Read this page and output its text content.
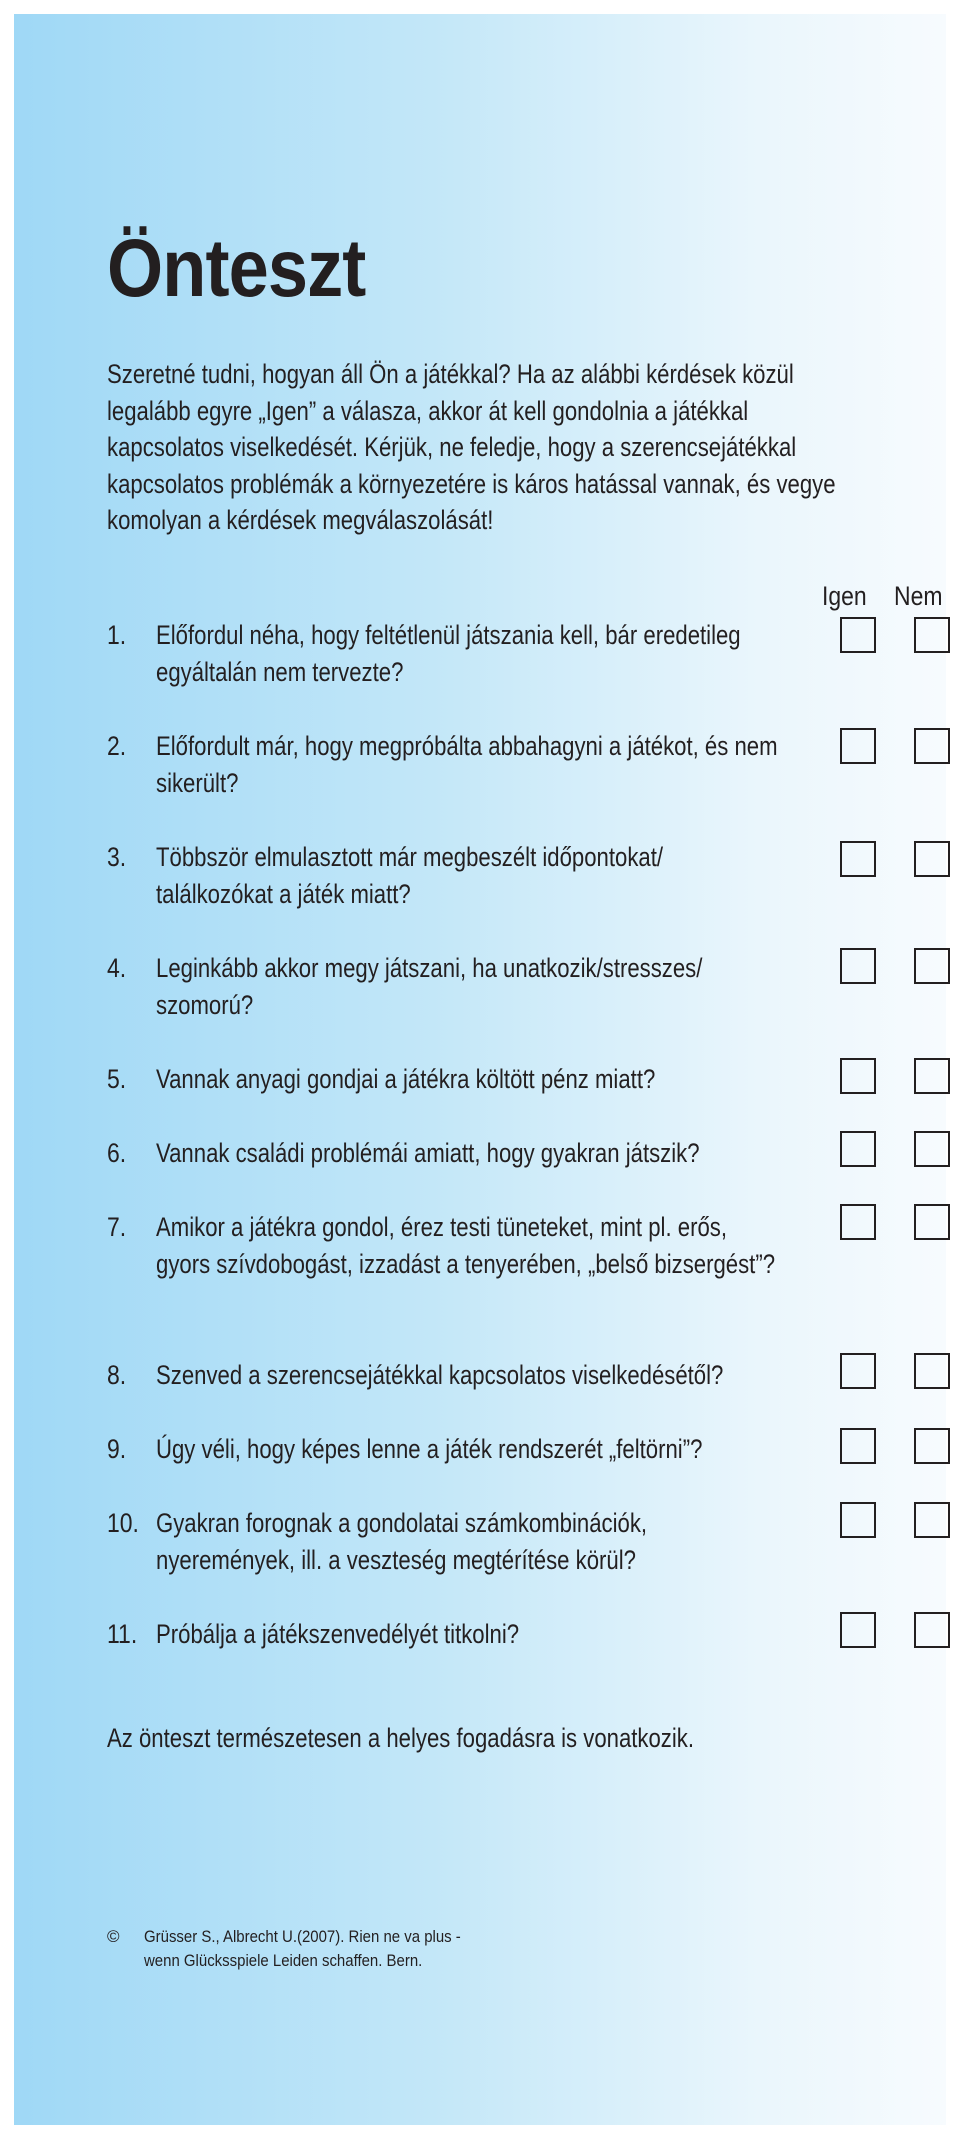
Önteszt

Szeretné tudni, hogyan áll Ön a játékkal? Ha az alábbi kérdések közül legalább egyre „Igen” a válasza, akkor át kell gondolnia a játékkal kapcsolatos viselkedését. Kérjük, ne feledje, hogy a szerencsejátékkal kapcsolatos problémák a környezetére is káros hatással vannak, és vegye komolyan a kérdések megválaszolását!

Igen Nem
1. Előfordul néha, hogy feltétlenül játszania kell, bár eredetileg egyáltalán nem tervezte?
2. Előfordult már, hogy megpróbálta abbahagyni a játékot, és nem sikerült?
3. Többször elmulasztott már megbeszélt időpontokat/ találkozókat a játék miatt?
4. Leginkább akkor megy játszani, ha unatkozik/stresszes/ szomorú?
5. Vannak anyagi gondjai a játékra költött pénz miatt?
6. Vannak családi problémái amiatt, hogy gyakran játszik?
7. Amikor a játékra gondol, érez testi tüneteket, mint pl. erős, gyors szívdobogást, izzadást a tenyerében, „belső bizsergést”?
8. Szenved a szerencsejátékkal kapcsolatos viselkedésétől?
9. Úgy véli, hogy képes lenne a játék rendszerét „feltörni”?
10. Gyakran forognak a gondolatai számkombinációk, nyeremények, ill. a veszteség megtérítése körül?
11. Próbálja a játékszenvedélyét titkolni?
Az önteszt természetesen a helyes fogadásra is vonatkozik.
© Grüsser S., Albrecht U.(2007). Rien ne va plus -
wenn Glücksspiele Leiden schaffen. Bern.
